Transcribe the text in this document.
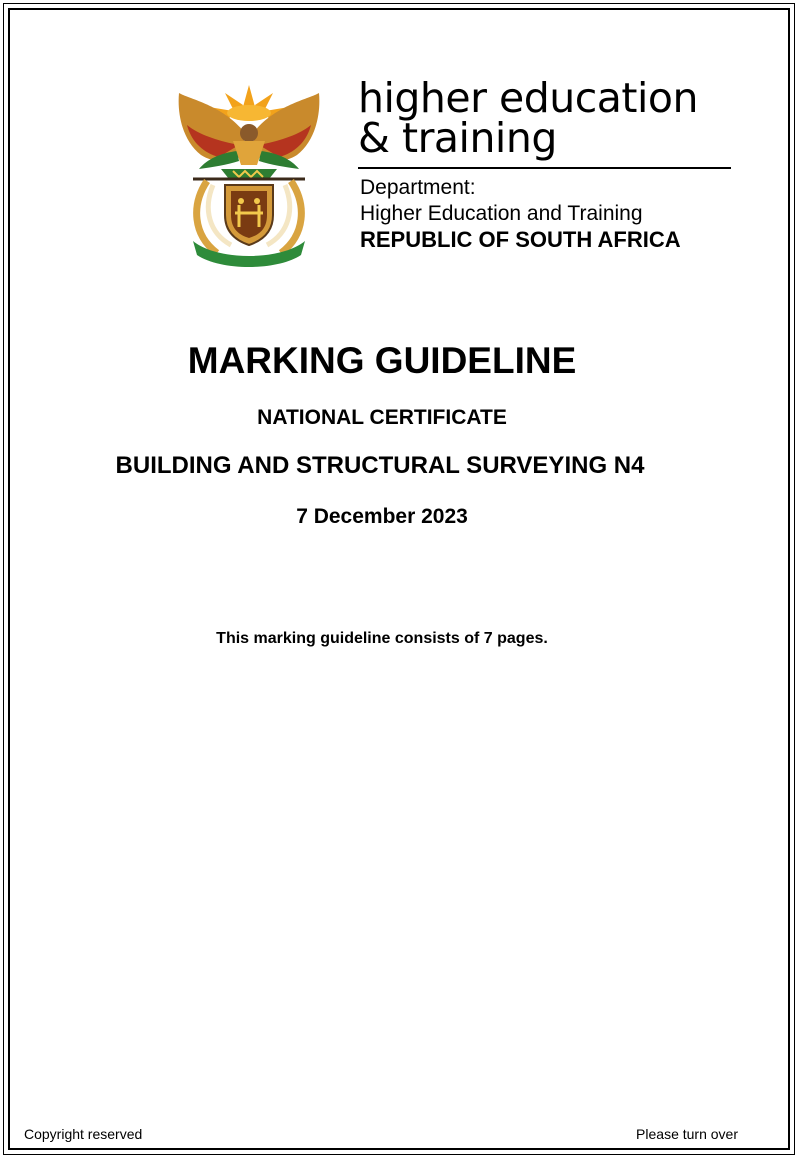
higher education
& training
Department:
Higher Education and Training
REPUBLIC OF SOUTH AFRICA
MARKING GUIDELINE
NATIONAL CERTIFICATE
BUILDING AND STRUCTURAL SURVEYING N4
7 December 2023
This marking guideline consists of 7 pages.
Copyright reserved	Please turn over
